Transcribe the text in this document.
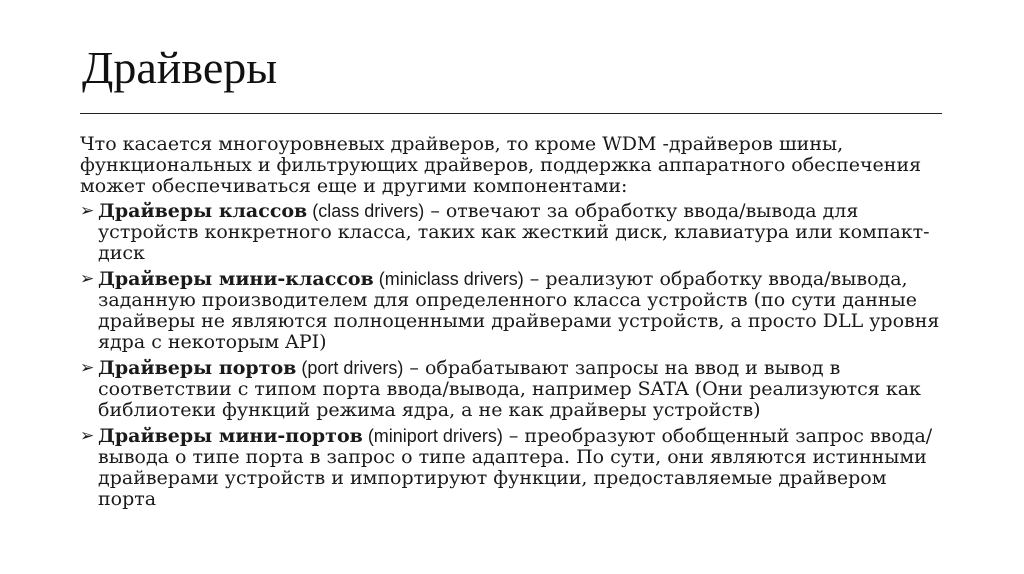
Драйверы

Что касается многоуровневых драйверов, то кроме WDM -драйверов шины, функциональных и фильтрующих драйверов, поддержка аппаратного обеспечения может обеспечиваться еще и другими компонентами:

➢ Драйверы классов (class drivers) – отвечают за обработку ввода/вывода для устройств конкретного класса, таких как жесткий диск, клавиатура или компакт-диск
➢ Драйверы мини-классов (miniclass drivers) – реализуют обработку ввода/вывода, заданную производителем для определенного класса устройств (по сути данные драйверы не являются полноценными драйверами устройств, а просто DLL уровня ядра с некоторым API)
➢ Драйверы портов (port drivers) – обрабатывают запросы на ввод и вывод в соответствии с типом порта ввода/вывода, например SATA (Они реализуются как библиотеки функций режима ядра, а не как драйверы устройств)
➢ Драйверы мини-портов (miniport drivers) – преобразуют обобщенный запрос ввода/вывода о типе порта в запрос о типе адаптера. По сути, они являются истинными драйверами устройств и импортируют функции, предоставляемые драйвером порта
